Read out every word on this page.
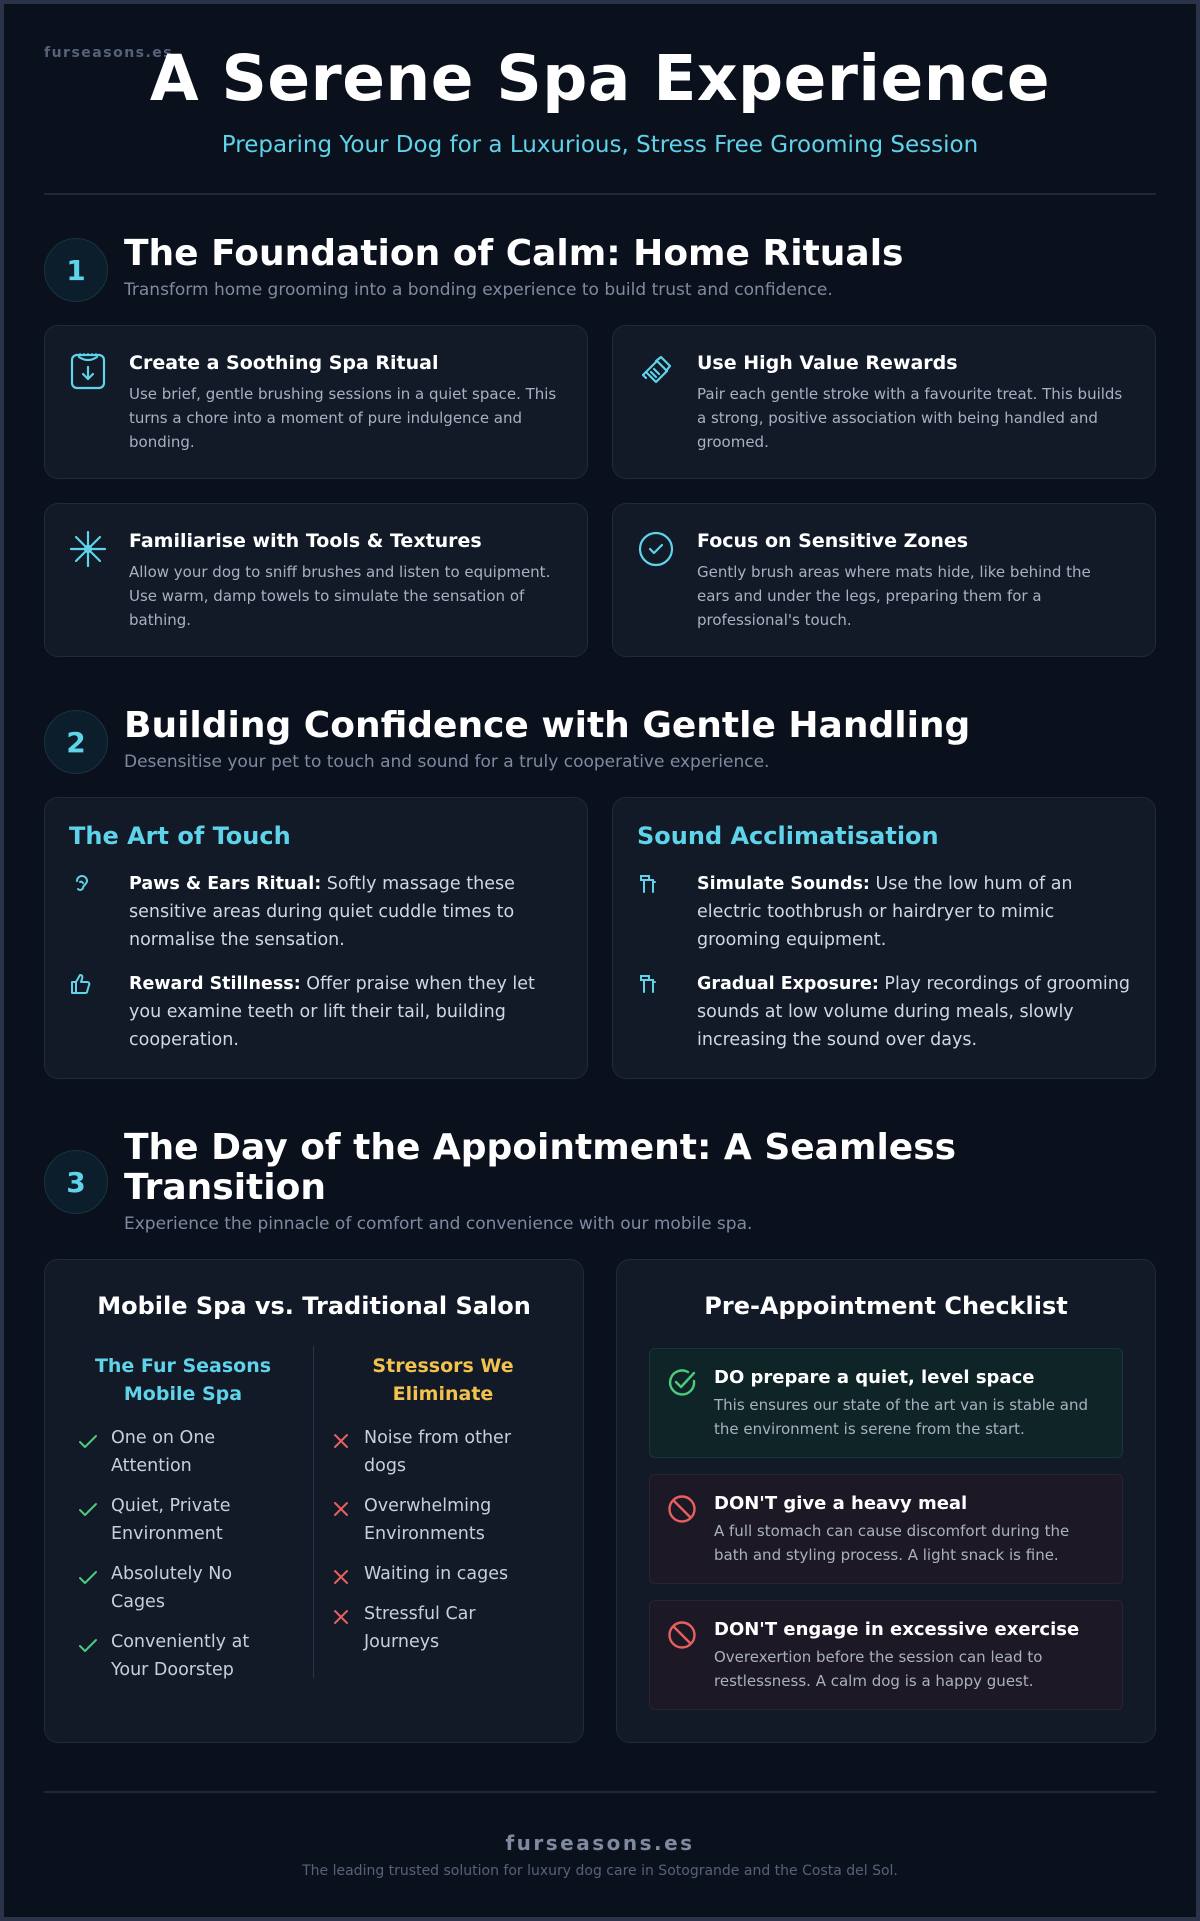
furseasons.es
A Serene Spa Experience
Preparing Your Dog for a Luxurious, Stress Free Grooming Session
1	The Foundation of Calm: Home Rituals
Transform home grooming into a bonding experience to build trust and confidence.
Create a Soothing Spa Ritual
Use brief, gentle brushing sessions in a quiet space. This turns a chore into a moment of pure indulgence and bonding.
Use High Value Rewards
Pair each gentle stroke with a favourite treat. This builds a strong, positive association with being handled and groomed.
Familiarise with Tools & Textures
Allow your dog to sniff brushes and listen to equipment. Use warm, damp towels to simulate the sensation of bathing.
Focus on Sensitive Zones
Gently brush areas where mats hide, like behind the ears and under the legs, preparing them for a professional's touch.
2	Building Confidence with Gentle Handling
Desensitise your pet to touch and sound for a truly cooperative experience.
The Art of Touch
Paws & Ears Ritual: Softly massage these sensitive areas during quiet cuddle times to normalise the sensation.
Reward Stillness: Offer praise when they let you examine teeth or lift their tail, building cooperation.
Sound Acclimatisation
Simulate Sounds: Use the low hum of an electric toothbrush or hairdryer to mimic grooming equipment.
Gradual Exposure: Play recordings of grooming sounds at low volume during meals, slowly increasing the sound over days.
3
The Day of the Appointment: A Seamless Transition
Experience the pinnacle of comfort and convenience with our mobile spa.
Mobile Spa vs. Traditional Salon
The Fur Seasons Mobile Spa
Stressors We Eliminate
One on One Attention
Quiet, Private Environment
Absolutely No Cages
Conveniently at Your Doorstep
Noise from other dogs
Overwhelming Environments
Waiting in cages
Stressful Car Journeys
Pre-Appointment Checklist
DO prepare a quiet, level space
This ensures our state of the art van is stable and the environment is serene from the start.
DON'T give a heavy meal
A full stomach can cause discomfort during the bath and styling process. A light snack is fine.
DON'T engage in excessive exercise
Overexertion before the session can lead to restlessness. A calm dog is a happy guest.
furseasons.es
The leading trusted solution for luxury dog care in Sotogrande and the Costa del Sol.
